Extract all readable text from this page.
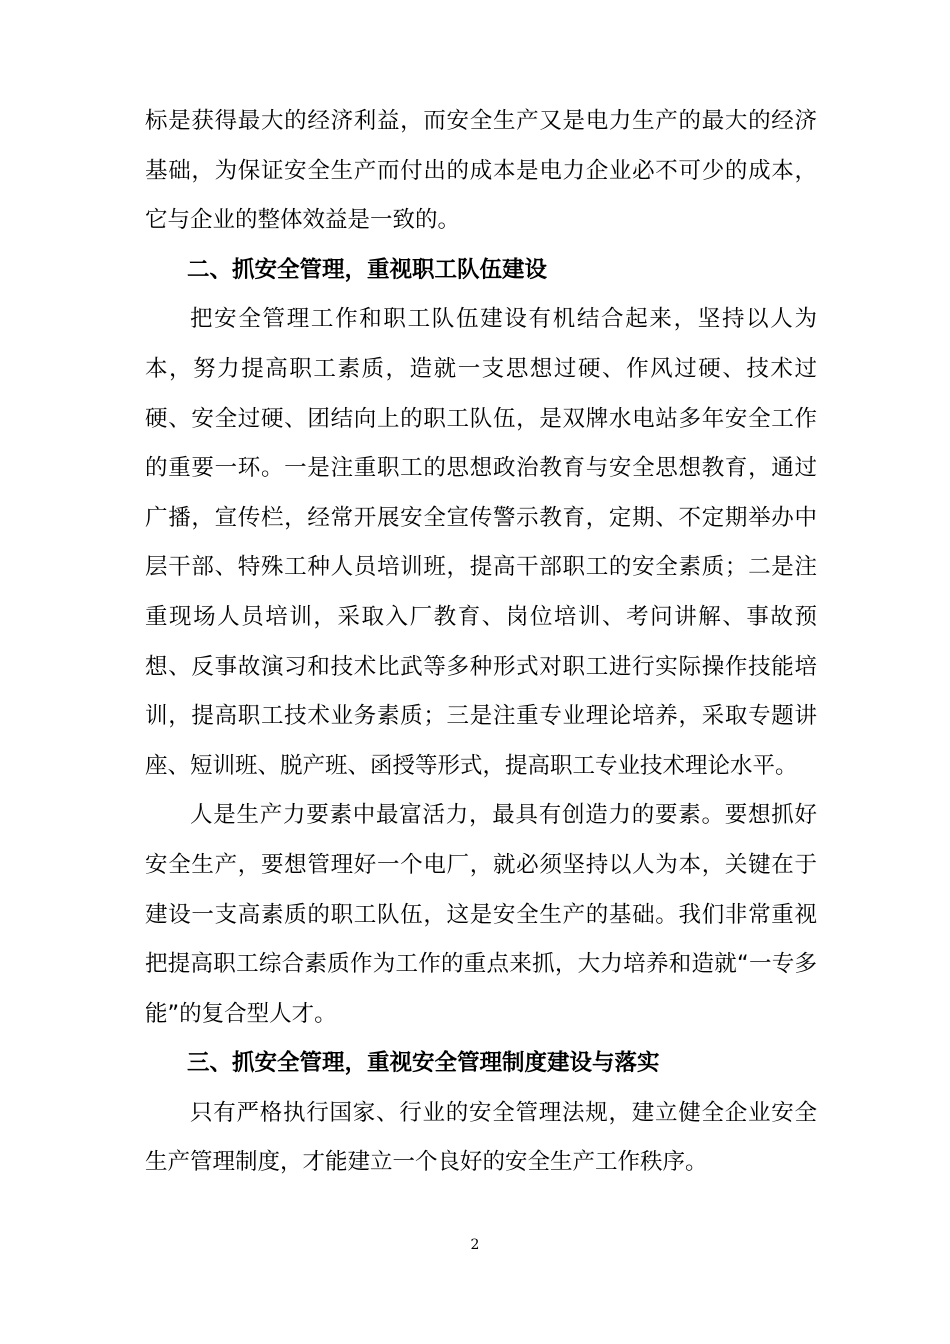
标是获得最大的经济利益，而安全生产又是电力生产的最大的经济基础，为保证安全生产而付出的成本是电力企业必不可少的成本，它与企业的整体效益是一致的。

二、抓安全管理，重视职工队伍建设

把安全管理工作和职工队伍建设有机结合起来，坚持以人为本，努力提高职工素质，造就一支思想过硬、作风过硬、技术过硬、安全过硬、团结向上的职工队伍，是双牌水电站多年安全工作的重要一环。一是注重职工的思想政治教育与安全思想教育，通过广播，宣传栏，经常开展安全宣传警示教育，定期、不定期举办中层干部、特殊工种人员培训班，提高干部职工的安全素质；二是注重现场人员培训，采取入厂教育、岗位培训、考问讲解、事故预想、反事故演习和技术比武等多种形式对职工进行实际操作技能培训，提高职工技术业务素质；三是注重专业理论培养，采取专题讲座、短训班、脱产班、函授等形式，提高职工专业技术理论水平。

人是生产力要素中最富活力，最具有创造力的要素。要想抓好安全生产，要想管理好一个电厂，就必须坚持以人为本，关键在于建设一支高素质的职工队伍，这是安全生产的基础。我们非常重视把提高职工综合素质作为工作的重点来抓，大力培养和造就“一专多能”的复合型人才。

三、抓安全管理，重视安全管理制度建设与落实

只有严格执行国家、行业的安全管理法规，建立健全企业安全生产管理制度，才能建立一个良好的安全生产工作秩序。

2
